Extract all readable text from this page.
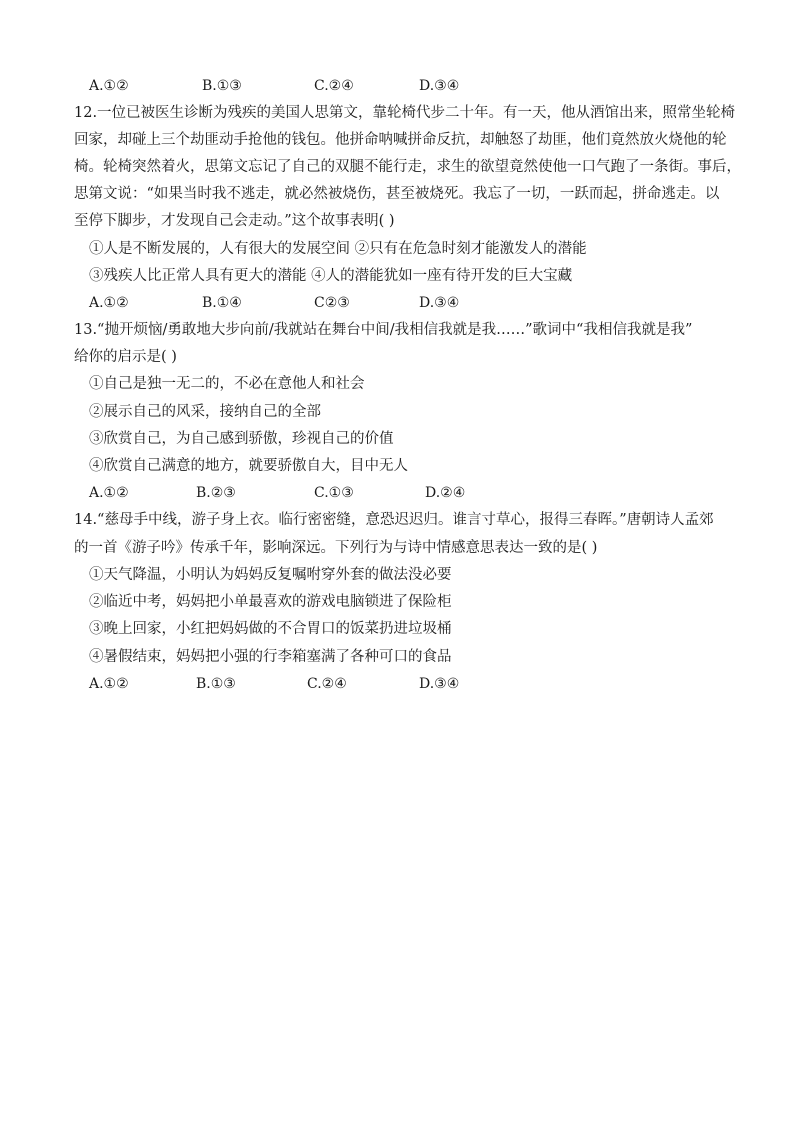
A.①②	B.①③	C.②④	D.③④
12.一位已被医生诊断为残疾的美国人思第文，靠轮椅代步二十年。有一天，他从酒馆出来，照常坐轮椅
回家，却碰上三个劫匪动手抢他的钱包。他拼命呐喊拼命反抗，却触怒了劫匪，他们竟然放火烧他的轮
椅。轮椅突然着火，思第文忘记了自己的双腿不能行走，求生的欲望竟然使他一口气跑了一条街。事后，
思第文说：“如果当时我不逃走，就必然被烧伤，甚至被烧死。我忘了一切，一跃而起，拼命逃走。以
至停下脚步，才发现自己会走动。”这个故事表明( )
①人是不断发展的，人有很大的发展空间 ②只有在危急时刻才能激发人的潜能
③残疾人比正常人具有更大的潜能 ④人的潜能犹如一座有待开发的巨大宝藏
A.①②	B.①④	C②③	D.③④
13.“抛开烦恼/勇敢地大步向前/我就站在舞台中间/我相信我就是我……”歌词中“我相信我就是我”
给你的启示是( )
①自己是独一无二的，不必在意他人和社会
②展示自己的风采，接纳自己的全部
③欣赏自己，为自己感到骄傲，珍视自己的价值
④欣赏自己满意的地方，就要骄傲自大，目中无人
A.①②	B.②③	C.①③	D.②④
14.“慈母手中线，游子身上衣。临行密密缝，意恐迟迟归。谁言寸草心，报得三春晖。”唐朝诗人孟郊
的一首《游子吟》传承千年，影响深远。下列行为与诗中情感意思表达一致的是( )
①天气降温，小明认为妈妈反复嘱咐穿外套的做法没必要
②临近中考，妈妈把小单最喜欢的游戏电脑锁进了保险柜
③晚上回家，小红把妈妈做的不合胃口的饭菜扔进垃圾桶
④暑假结束，妈妈把小强的行李箱塞满了各种可口的食品
A.①②	B.①③	C.②④	D.③④
